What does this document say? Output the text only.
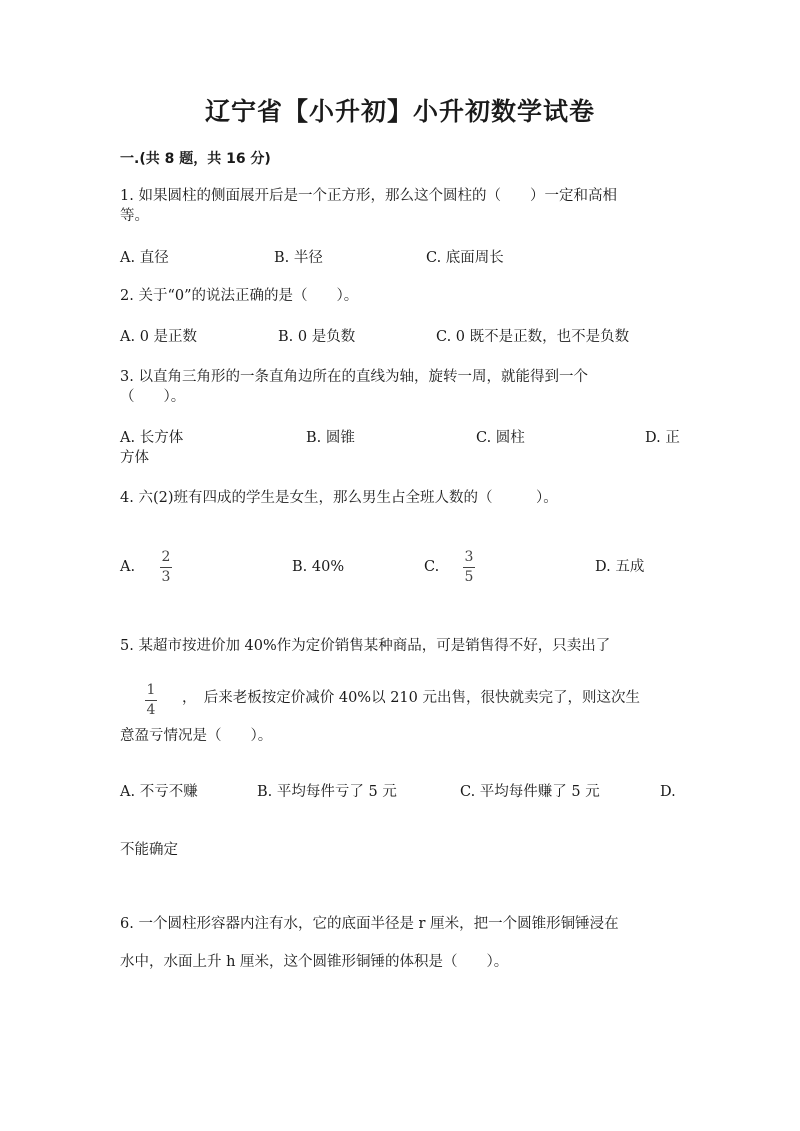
辽宁省【小升初】小升初数学试卷
一.(共 8 题，共 16 分)
1. 如果圆柱的侧面展开后是一个正方形，那么这个圆柱的（　　）一定和高相
等。
A. 直径	B. 半径	C. 底面周长
2. 关于“0”的说法正确的是（　　）。
A. 0 是正数	B. 0 是负数	C. 0 既不是正数，也不是负数
3. 以直角三角形的一条直角边所在的直线为轴，旋转一周，就能得到一个
（　　）。
A. 长方体	B. 圆锥	C. 圆柱	D. 正
方体
4. 六(2)班有四成的学生是女生，那么男生占全班人数的（　　　）。
A.
2
3
B. 40%	C.
3
5
D. 五成
5. 某超市按进价加 40%作为定价销售某种商品，可是销售得不好，只卖出了
1
4
，　后来老板按定价减价 40%以 210 元出售，很快就卖完了，则这次生
意盈亏情况是（　　）。
A. 不亏不赚	B. 平均每件亏了 5 元	C. 平均每件赚了 5 元	D.
不能确定
6. 一个圆柱形容器内注有水，它的底面半径是 r 厘米，把一个圆锥形铜锤浸在
水中，水面上升 h 厘米，这个圆锥形铜锤的体积是（　　）。
